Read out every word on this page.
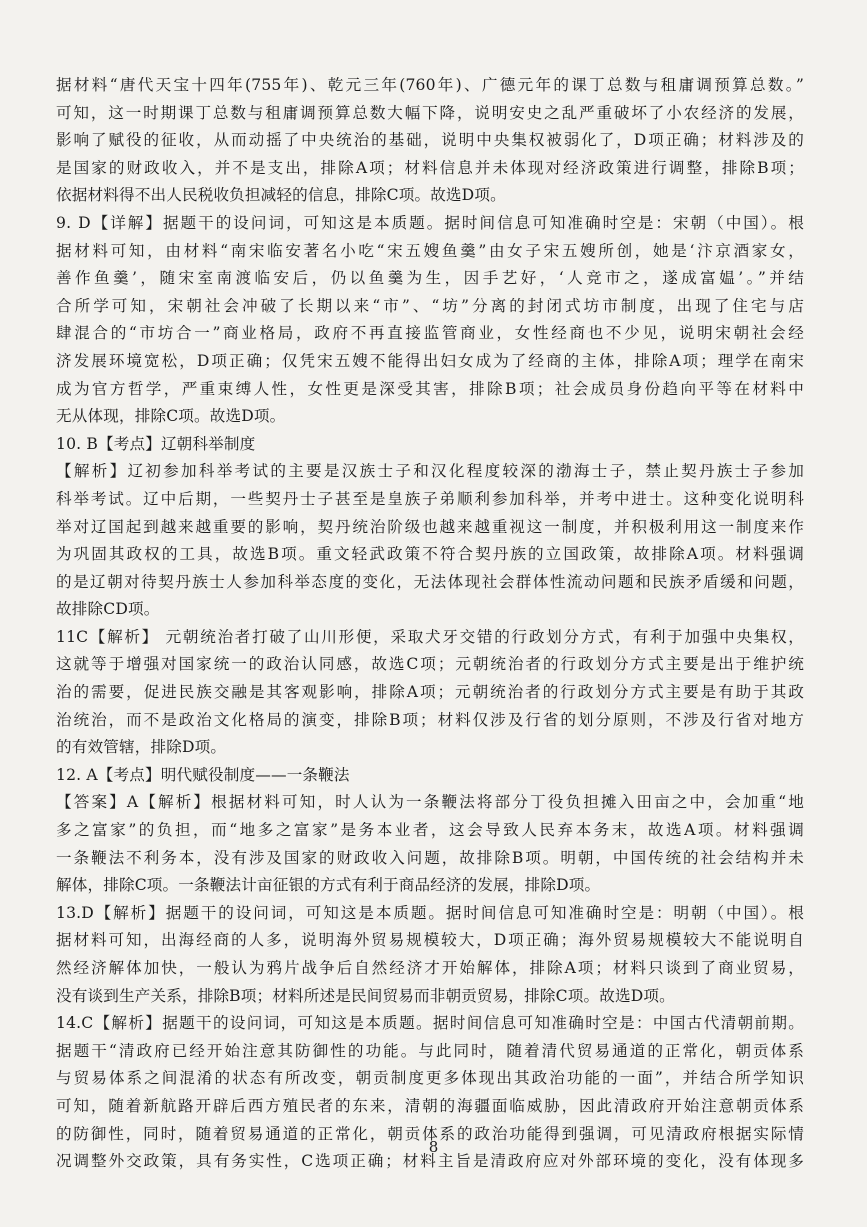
据材料“唐代天宝十四年(755年)、乾元三年(760年)、广德元年的课丁总数与租庸调预算总数。”
可知，这一时期课丁总数与租庸调预算总数大幅下降，说明安史之乱严重破坏了小农经济的发展，
影响了赋役的征收，从而动摇了中央统治的基础，说明中央集权被弱化了，D项正确；材料涉及的
是国家的财政收入，并不是支出，排除A项；材料信息并未体现对经济政策进行调整，排除B项；
依据材料得不出人民税收负担减轻的信息，排除C项。故选D项。
9. D【详解】据题干的设问词，可知这是本质题。据时间信息可知准确时空是：宋朝（中国）。根
据材料可知，由材料“南宋临安著名小吃“宋五嫂鱼羹”由女子宋五嫂所创，她是‘汴京酒家女，
善作鱼羹’，随宋室南渡临安后，仍以鱼羹为生，因手艺好，‘人竞市之，遂成富媪’。”并结
合所学可知，宋朝社会冲破了长期以来“市”、“坊”分离的封闭式坊市制度，出现了住宅与店
肆混合的“市坊合一”商业格局，政府不再直接监管商业，女性经商也不少见，说明宋朝社会经
济发展环境宽松，D项正确；仅凭宋五嫂不能得出妇女成为了经商的主体，排除A项；理学在南宋
成为官方哲学，严重束缚人性，女性更是深受其害，排除B项；社会成员身份趋向平等在材料中
无从体现，排除C项。故选D项。
10. B【考点】辽朝科举制度
【解析】辽初参加科举考试的主要是汉族士子和汉化程度较深的渤海士子，禁止契丹族士子参加
科举考试。辽中后期，一些契丹士子甚至是皇族子弟顺利参加科举，并考中进士。这种变化说明科
举对辽国起到越来越重要的影响，契丹统治阶级也越来越重视这一制度，并积极利用这一制度来作
为巩固其政权的工具，故选B项。重文轻武政策不符合契丹族的立国政策，故排除A项。材料强调
的是辽朝对待契丹族士人参加科举态度的变化，无法体现社会群体性流动问题和民族矛盾缓和问题，
故排除CD项。
11C【解析】 元朝统治者打破了山川形便，采取犬牙交错的行政划分方式，有利于加强中央集权，
这就等于增强对国家统一的政治认同感，故选C项；元朝统治者的行政划分方式主要是出于维护统
治的需要，促进民族交融是其客观影响，排除A项；元朝统治者的行政划分方式主要是有助于其政
治统治，而不是政治文化格局的演变，排除B项；材料仅涉及行省的划分原则，不涉及行省对地方
的有效管辖，排除D项。
12. A【考点】明代赋役制度——一条鞭法
【答案】A【解析】根据材料可知，时人认为一条鞭法将部分丁役负担摊入田亩之中，会加重“地
多之富家”的负担，而“地多之富家”是务本业者，这会导致人民弃本务末，故选A项。材料强调
一条鞭法不利务本，没有涉及国家的财政收入问题，故排除B项。明朝，中国传统的社会结构并未
解体，排除C项。一条鞭法计亩征银的方式有利于商品经济的发展，排除D项。
13.D【解析】据题干的设问词，可知这是本质题。据时间信息可知准确时空是：明朝（中国）。根
据材料可知，出海经商的人多，说明海外贸易规模较大，D项正确；海外贸易规模较大不能说明自
然经济解体加快，一般认为鸦片战争后自然经济才开始解体，排除A项；材料只谈到了商业贸易，
没有谈到生产关系，排除B项；材料所述是民间贸易而非朝贡贸易，排除C项。故选D项。
14.C【解析】据题干的设问词，可知这是本质题。据时间信息可知准确时空是：中国古代清朝前期。
据题干“清政府已经开始注意其防御性的功能。与此同时，随着清代贸易通道的正常化，朝贡体系
与贸易体系之间混淆的状态有所改变，朝贡制度更多体现出其政治功能的一面”，并结合所学知识
可知，随着新航路开辟后西方殖民者的东来，清朝的海疆面临威胁，因此清政府开始注意朝贡体系
的防御性，同时，随着贸易通道的正常化，朝贡体系的政治功能得到强调，可见清政府根据实际情
况调整外交政策，具有务实性，C选项正确；材料主旨是清政府应对外部环境的变化，没有体现多
8
